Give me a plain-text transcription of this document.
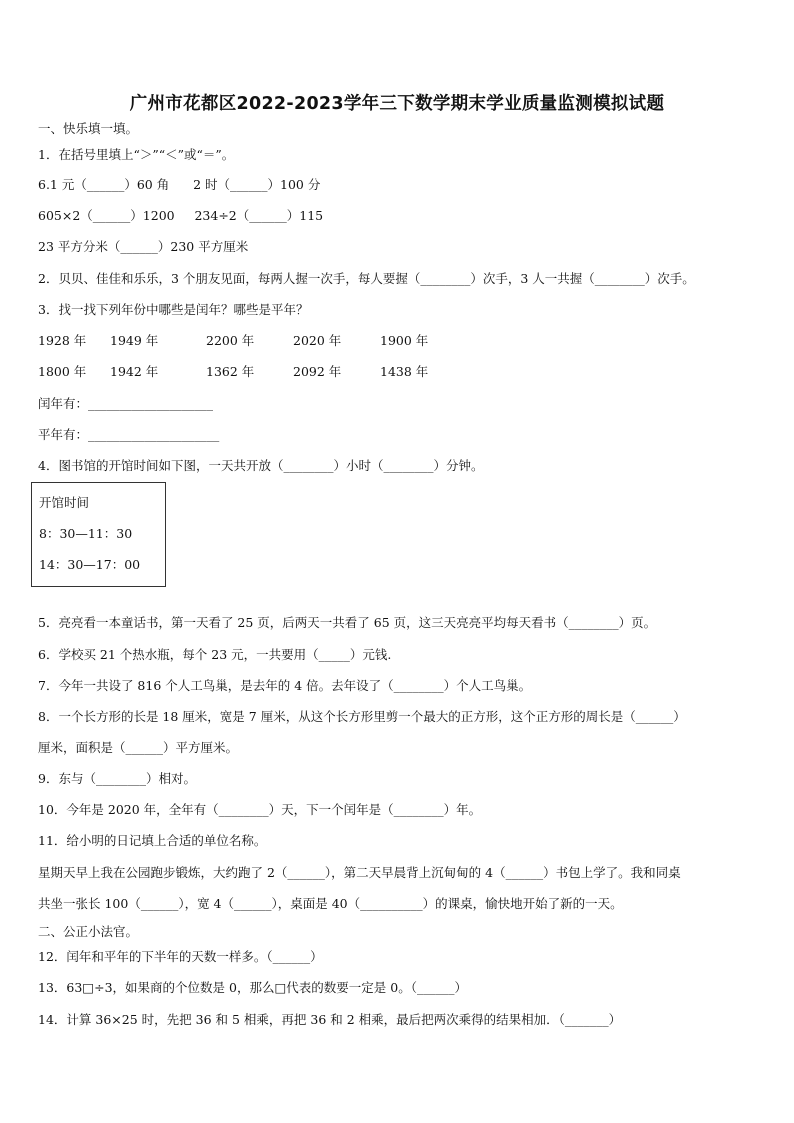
广州市花都区2022-2023学年三下数学期末学业质量监测模拟试题
一、快乐填一填。
1．在括号里填上“＞”“＜”或“＝”。
6.1 元（______）60 角      2 时（______）100 分
605×2（______）1200     234÷2（______）115
23 平方分米（______）230 平方厘米
2．贝贝、佳佳和乐乐，3 个朋友见面，每两人握一次手，每人要握（________）次手，3 人一共握（________）次手。
3．找一找下列年份中哪些是闰年？哪些是平年？
1928 年 1949 年	2200 年	2020 年	1900 年
1800 年 1942 年	1362 年	2092 年	1438 年
闰年有：____________________
平年有：_____________________
4．图书馆的开馆时间如下图，一天共开放（________）小时（________）分钟。
开馆时间
8：30—11：30
14：30—17：00
5．亮亮看一本童话书，第一天看了 25 页，后两天一共看了 65 页，这三天亮亮平均每天看书（________）页。
6．学校买 21 个热水瓶，每个 23 元，一共要用（_____）元钱.
7．今年一共设了 816 个人工鸟巢，是去年的 4 倍。去年设了（________）个人工鸟巢。
8．一个长方形的长是 18 厘米，宽是 7 厘米，从这个长方形里剪一个最大的正方形，这个正方形的周长是（______）
厘米，面积是（______）平方厘米。
9．东与（________）相对。
10．今年是 2020 年，全年有（________）天，下一个闰年是（________）年。
11．给小明的日记填上合适的单位名称。
星期天早上我在公园跑步锻炼，大约跑了 2（______），第二天早晨背上沉甸甸的 4（______）书包上学了。我和同桌
共坐一张长 100（______），宽 4（______），桌面是 40（__________）的课桌，愉快地开始了新的一天。
二、公正小法官。
12．闰年和平年的下半年的天数一样多。（______）
13．63□÷3，如果商的个位数是 0，那么□代表的数要一定是 0。（______）
14．计算 36×25 时，先把 36 和 5 相乘，再把 36 和 2 相乘，最后把两次乘得的结果相加．（_______）
